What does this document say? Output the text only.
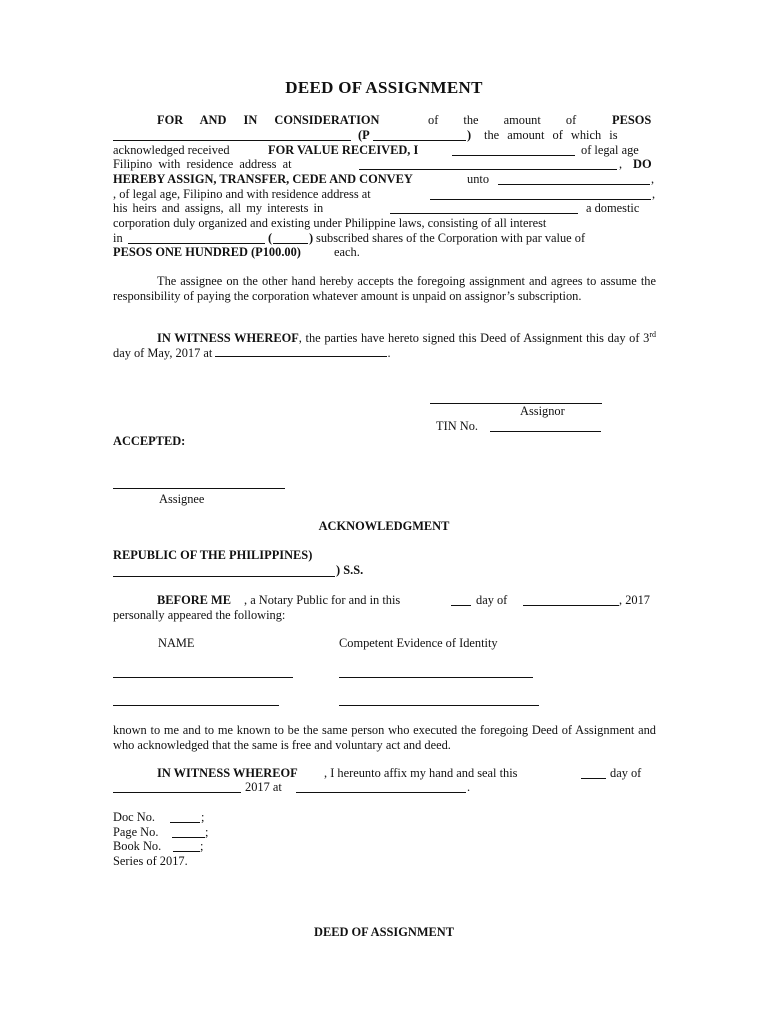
DEED OF ASSIGNMENT
FOR AND IN CONSIDERATION	of the amount of	PESOS
(P	) the amount of which is
acknowledged received	FOR VALUE RECEIVED, I	of legal age
Filipino with residence address at	, DO
HEREBY ASSIGN, TRANSFER, CEDE AND CONVEY	unto	,
, of legal age, Filipino and with residence address at	,
his heirs and assigns, all my interests in	a domestic
corporation duly organized and existing under Philippine laws, consisting of all interest
in	(	) subscribed shares of the Corporation with par value of
PESOS ONE HUNDRED (P100.00)	each.

The assignee on the other hand hereby accepts the foregoing assignment and agrees to assume the responsibility of paying the corporation whatever amount is unpaid on assignor’s subscription.

IN WITNESS WHEREOF, the parties have hereto signed this Deed of Assignment this day of 3rd day of May, 2017 at	.

Assignor
TIN No.
ACCEPTED:
Assignee
ACKNOWLEDGMENT
REPUBLIC OF THE PHILIPPINES)
) S.S.
BEFORE ME , a Notary Public for and in this	day of	, 2017
personally appeared the following:
NAME	Competent Evidence of Identity

known to me and to me known to be the same person who executed the foregoing Deed of Assignment and who acknowledged that the same is free and voluntary act and deed.

IN WITNESS WHEREOF , I hereunto affix my hand and seal this	day of
2017 at	.
Doc No.	;
Page No.	;
Book No.	;
Series of 2017.
DEED OF ASSIGNMENT
